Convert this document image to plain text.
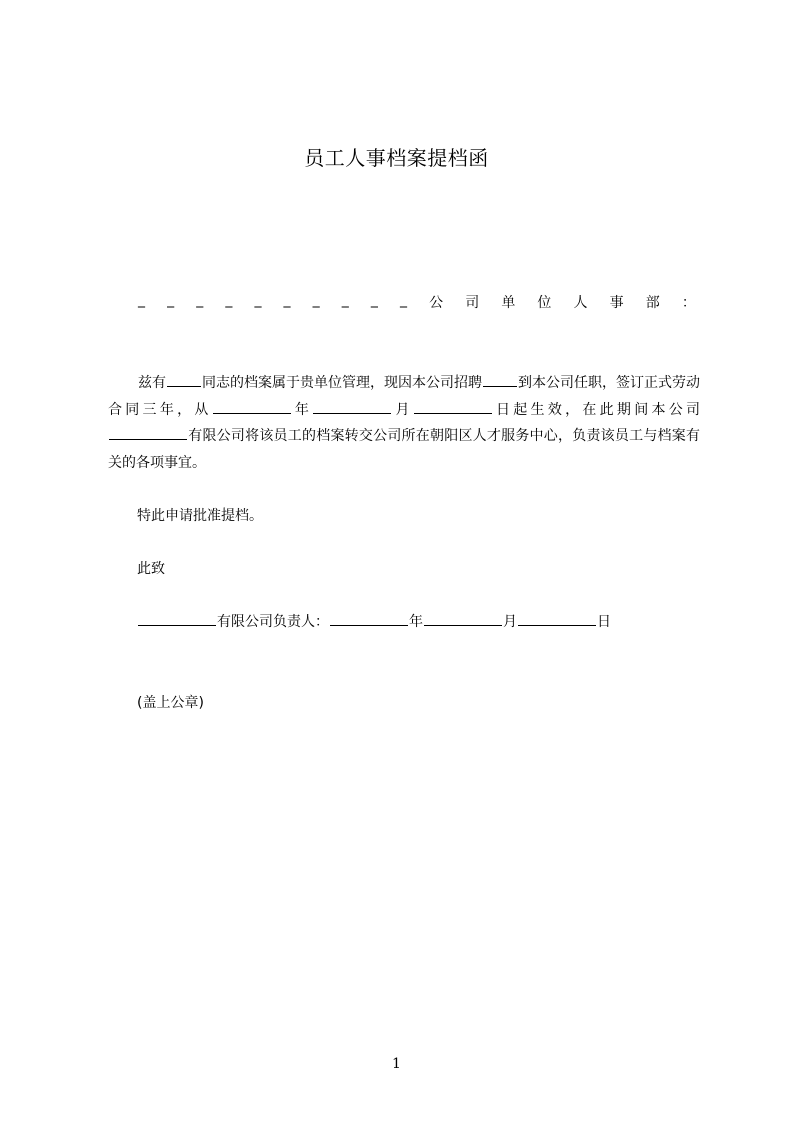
员工人事档案提档函
_ _ _ _ _ _ _ _ _ _ 公 司 单 位 人 事 部 ：
兹有	同志的档案属于贵单位管理，现因本公司招聘	到本公司任职，签订正式劳动合同三年，从	年	月	日起生效，在此期间本公司有限公司将该员工的档案转交公司所在朝阳区人才服务中心，负责该员工与档案有关的各项事宜。
特此申请批准提档。
此致
有限公司负责人：	年	月	日
(盖上公章)
1
